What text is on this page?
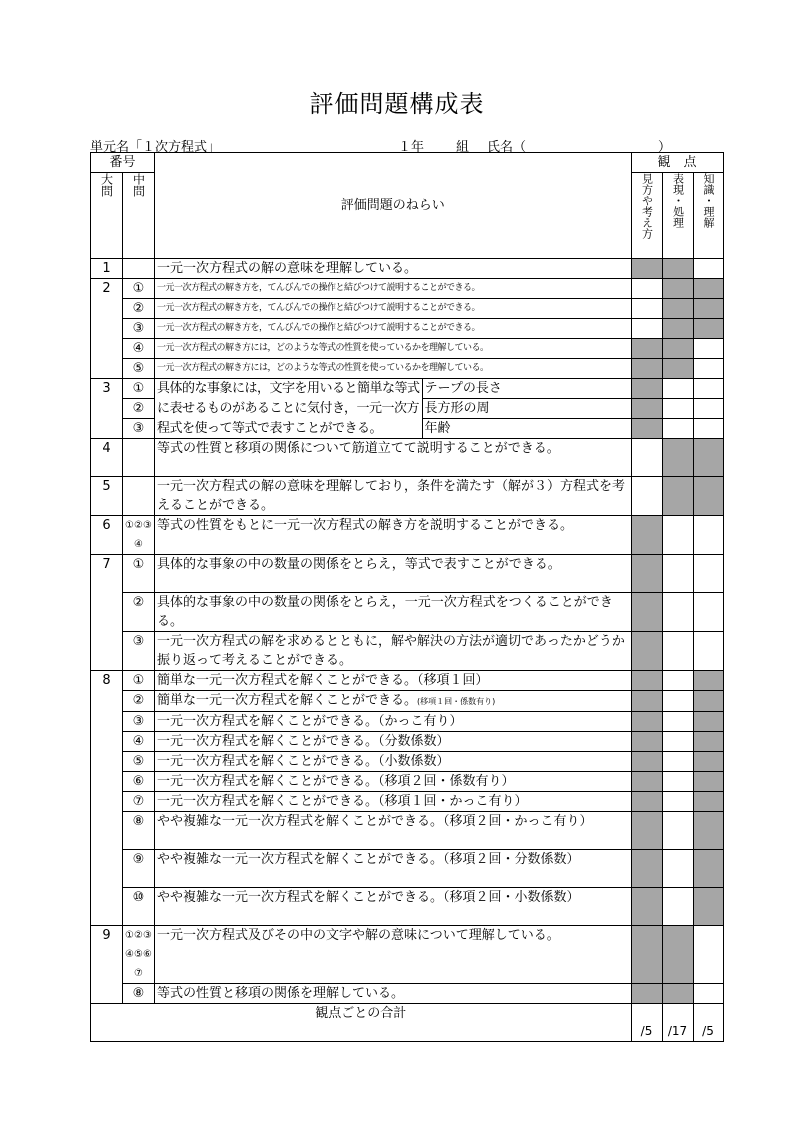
評価問題構成表
単元名「１次方程式」	１年 組 氏名（	）
番号		評価問題のねらい		観　点		

大問	中問			見方や考え方	表現・処理	知識・理解

1		一元一次方程式の解の意味を理解している。				
2	①	一元一次方程式の解き方を，てんびんでの操作と結びつけて説明することができる。				
	②	一元一次方程式の解き方を，てんびんでの操作と結びつけて説明することができる。				
	③	一元一次方程式の解き方を，てんびんでの操作と結びつけて説明することができる。				
	④	一元一次方程式の解き方には，どのような等式の性質を使っているかを理解している。				
	⑤	一元一次方程式の解き方には，どのような等式の性質を使っているかを理解している。				
3	①	具体的な事象には，文字を用いると簡単な等式	テープの長さ			
	②	に表せるものがあることに気付き，一元一次方	長方形の周			
	③	程式を使って等式で表すことができる。	年齢			
4		等式の性質と移項の関係について筋道立てて説明することができる。				
5		一元一次方程式の解の意味を理解しており，条件を満たす（解が３）方程式を考えることができる。				
6	①②③④	等式の性質をもとに一元一次方程式の解き方を説明することができる。				
7	①	具体的な事象の中の数量の関係をとらえ，等式で表すことができる。				
	②	具体的な事象の中の数量の関係をとらえ，一元一次方程式をつくることができる。				
	③	一元一次方程式の解を求めるとともに，解や解決の方法が適切であったかどうか振り返って考えることができる。				
8	①	簡単な一元一次方程式を解くことができる。（移項１回）				
	②	簡単な一元一次方程式を解くことができる。(移項１回・係数有り)				
	③	一元一次方程式を解くことができる。（かっこ有り）				
	④	一元一次方程式を解くことができる。（分数係数）				
	⑤	一元一次方程式を解くことができる。（小数係数）				
	⑥	一元一次方程式を解くことができる。（移項２回・係数有り）				
	⑦	一元一次方程式を解くことができる。（移項１回・かっこ有り）				
	⑧	やや複雑な一元一次方程式を解くことができる。（移項２回・かっこ有り）				
	⑨	やや複雑な一元一次方程式を解くことができる。（移項２回・分数係数）				
	⑩	やや複雑な一元一次方程式を解くことができる。（移項２回・小数係数）				
9	①②③④⑤⑥⑦	一元一次方程式及びその中の文字や解の意味について理解している。				
	⑧	等式の性質と移項の関係を理解している。				
観点ごとの合計				/5	/17	/5
